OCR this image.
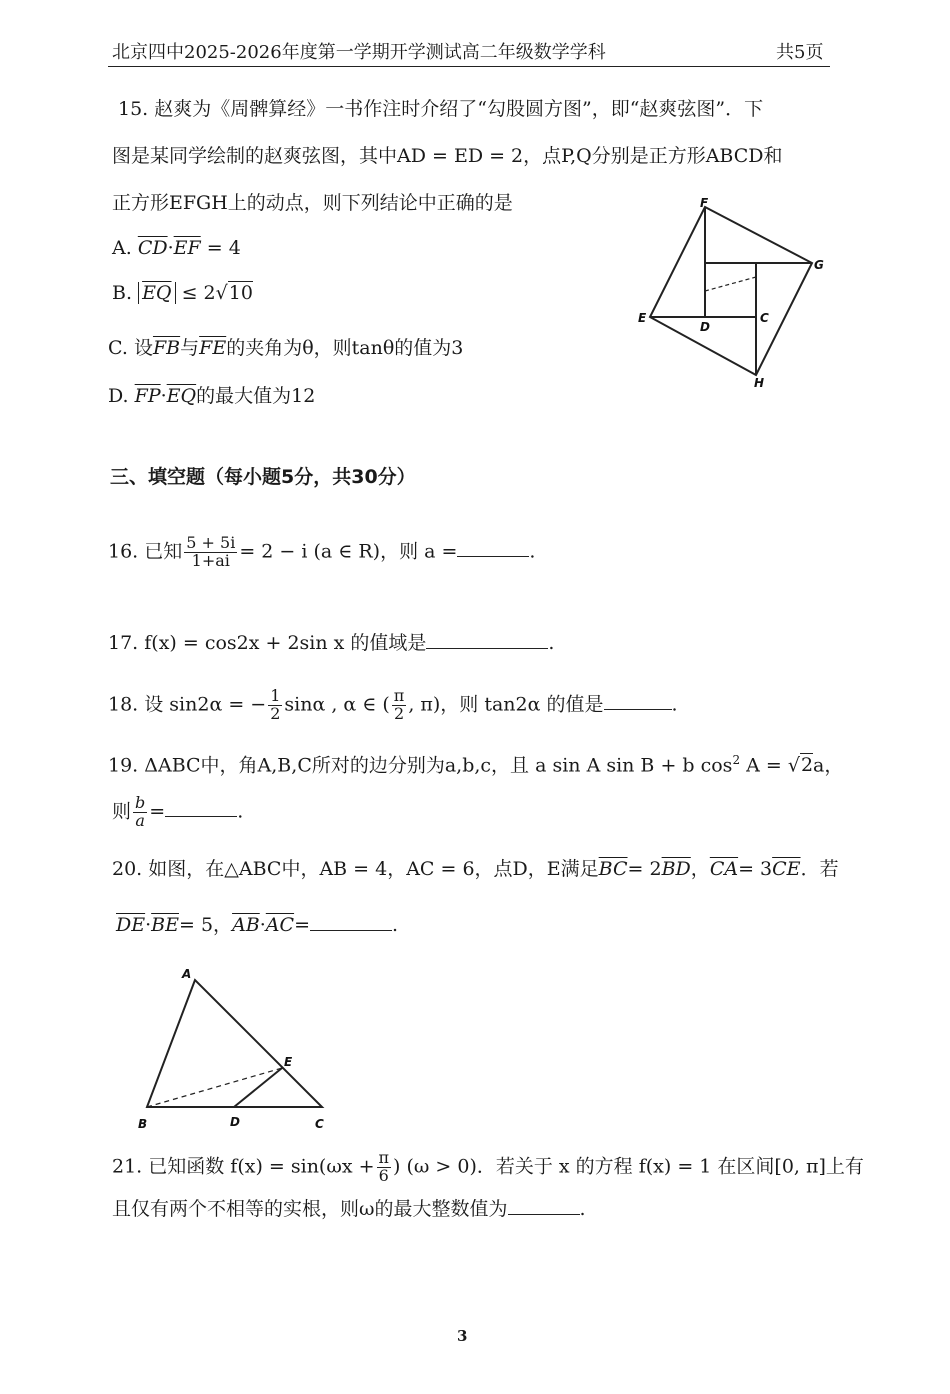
北京四中2025-2026年度第一学期开学测试高二年级数学学科	共5页
15. 赵爽为《周髀算经》一书作注时介绍了“勾股圆方图”，即“赵爽弦图”．下
图是某同学绘制的赵爽弦图，其中AD = ED = 2，点P,Q分别是正方形ABCD和
正方形EFGH上的动点，则下列结论中正确的是
A. $\overline{CD}\cdot\overline{EF} = 4$
B. $\overline{EQ} \le 2√10$
C. 设$\overline{FB}$与$\overline{FE}$的夹角为θ，则tanθ的值为3
D. $\overline{FP}\cdot\overline{EQ}$的最大值为12
F
G
E
D
C
H
三、填空题（每小题5分，共30分）
16. 已知 $\frac{5 + 5i}{1+ai} = 2 - i$ (a ∈ R)，则 a =	.
17. f(x) = cos2x + 2sin x 的值域是	.
18. 设 sin2α = − $\frac{1}{2}$ sinα , α ∈ ( $\frac{\pi}{2}$ , π)，则 tan2α 的值是	.
19. ΔABC中，角A,B,C所对的边分别为a,b,c，且 a sin A sin B + b $\cos^2 A = √2a$，
则 $\frac{b}{a}$ =	.
20. 如图，在△ABC中，AB = 4，AC = 6，点D，E满足$\overline{BC}= 2\overline{BD}$，$\overline{CA}= 3\overline{CE}$．若
$\overline{DE}\cdot\overline{BE}= 5$，$\overline{AB}\cdot\overline{AC}=$	.
A
E
B	D	C
21. 已知函数 $f(x) = \sin(\omega x + \frac{\pi}{6}$ ) (ω > 0)．若关于 x 的方程 f(x) = 1 在区间[0, π]上有
且仅有两个不相等的实根，则ω的最大整数值为	.
3
